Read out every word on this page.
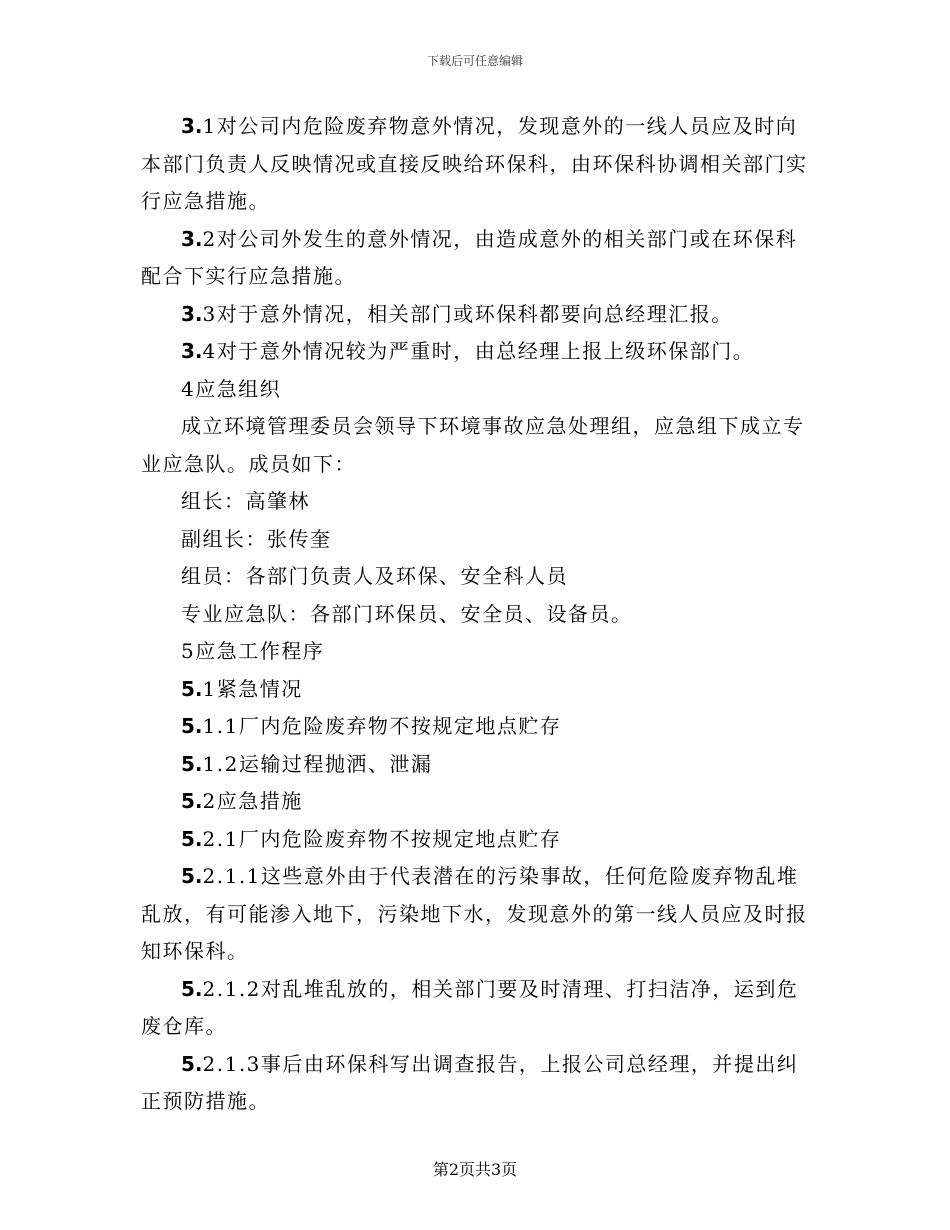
下载后可任意编辑

3.1对公司内危险废弃物意外情况，发现意外的一线人员应及时向本部门负责人反映情况或直接反映给环保科，由环保科协调相关部门实行应急措施。

3.2对公司外发生的意外情况，由造成意外的相关部门或在环保科配合下实行应急措施。

3.3对于意外情况，相关部门或环保科都要向总经理汇报。

3.4对于意外情况较为严重时，由总经理上报上级环保部门。

4应急组织

成立环境管理委员会领导下环境事故应急处理组，应急组下成立专业应急队。成员如下：

组长：高肇林

副组长：张传奎

组员：各部门负责人及环保、安全科人员

专业应急队：各部门环保员、安全员、设备员。

5应急工作程序

5.1紧急情况

5.1.1厂内危险废弃物不按规定地点贮存

5.1.2运输过程抛洒、泄漏

5.2应急措施

5.2.1厂内危险废弃物不按规定地点贮存

5.2.1.1这些意外由于代表潜在的污染事故，任何危险废弃物乱堆乱放，有可能渗入地下，污染地下水，发现意外的第一线人员应及时报知环保科。

5.2.1.2对乱堆乱放的，相关部门要及时清理、打扫洁净，运到危废仓库。

5.2.1.3事后由环保科写出调查报告，上报公司总经理，并提出纠正预防措施。

第2页共3页
